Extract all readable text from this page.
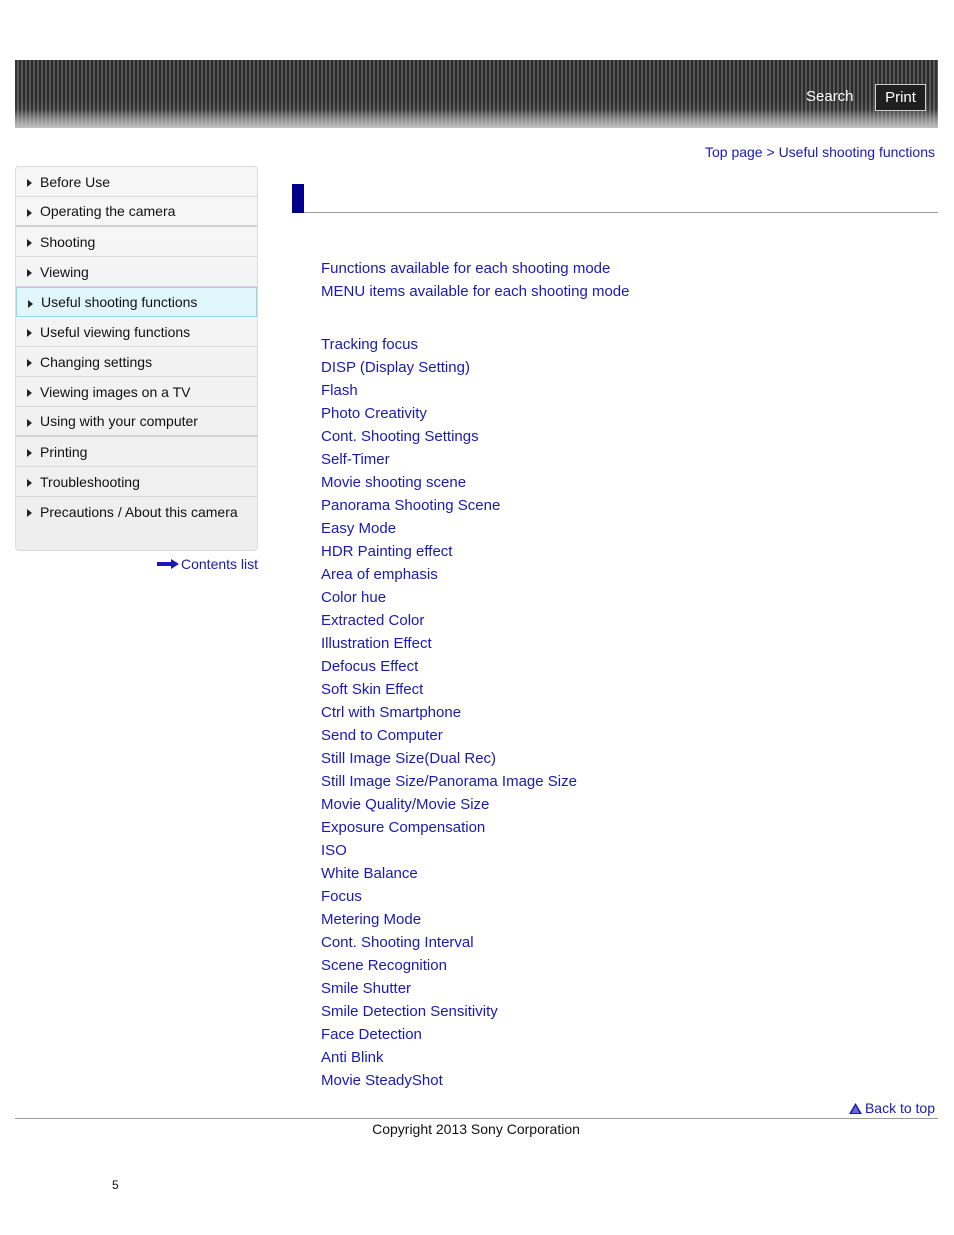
Search	Print
Top page > Useful shooting functions
Before Use
Operating the camera
Shooting
Viewing
Useful shooting functions
Useful viewing functions
Changing settings
Viewing images on a TV
Using with your computer
Printing
Troubleshooting
Precautions / About this camera
Contents list
Functions available for each shooting mode
MENU items available for each shooting mode
Tracking focus
DISP (Display Setting)
Flash
Photo Creativity
Cont. Shooting Settings
Self-Timer
Movie shooting scene
Panorama Shooting Scene
Easy Mode
HDR Painting effect
Area of emphasis
Color hue
Extracted Color
Illustration Effect
Defocus Effect
Soft Skin Effect
Ctrl with Smartphone
Send to Computer
Still Image Size(Dual Rec)
Still Image Size/Panorama Image Size
Movie Quality/Movie Size
Exposure Compensation
ISO
White Balance
Focus
Metering Mode
Cont. Shooting Interval
Scene Recognition
Smile Shutter
Smile Detection Sensitivity
Face Detection
Anti Blink
Movie SteadyShot
Back to top
Copyright 2013 Sony Corporation
5
